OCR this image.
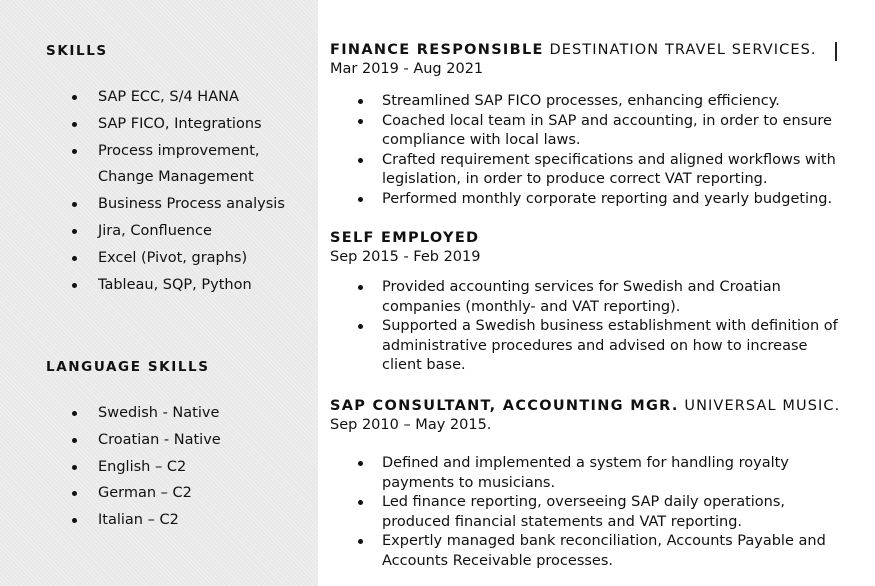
SKILLS
SAP ECC, S/4 HANA
SAP FICO, Integrations
Process improvement,
Change Management
Business Process analysis
Jira, Confluence
Excel (Pivot, graphs)
Tableau, SQP, Python
LANGUAGE SKILLS
Swedish - Native
Croatian - Native
English – C2
German – C2
Italian – C2
FINANCE RESPONSIBLE DESTINATION TRAVEL SERVICES.
Mar 2019 - Aug 2021
Streamlined SAP FICO processes, enhancing efficiency.
Coached local team in SAP and accounting, in order to ensure compliance with local laws.
Crafted requirement specifications and aligned workflows with legislation, in order to produce correct VAT reporting.
Performed monthly corporate reporting and yearly budgeting.
SELF EMPLOYED
Sep 2015 - Feb 2019
Provided accounting services for Swedish and Croatian companies (monthly- and VAT reporting).
Supported a Swedish business establishment with definition of administrative procedures and advised on how to increase client base.
SAP CONSULTANT, ACCOUNTING MGR. UNIVERSAL MUSIC.
Sep 2010 – May 2015.
Defined and implemented a system for handling royalty payments to musicians.
Led finance reporting, overseeing SAP daily operations, produced financial statements and VAT reporting.
Expertly managed bank reconciliation, Accounts Payable and Accounts Receivable processes.
